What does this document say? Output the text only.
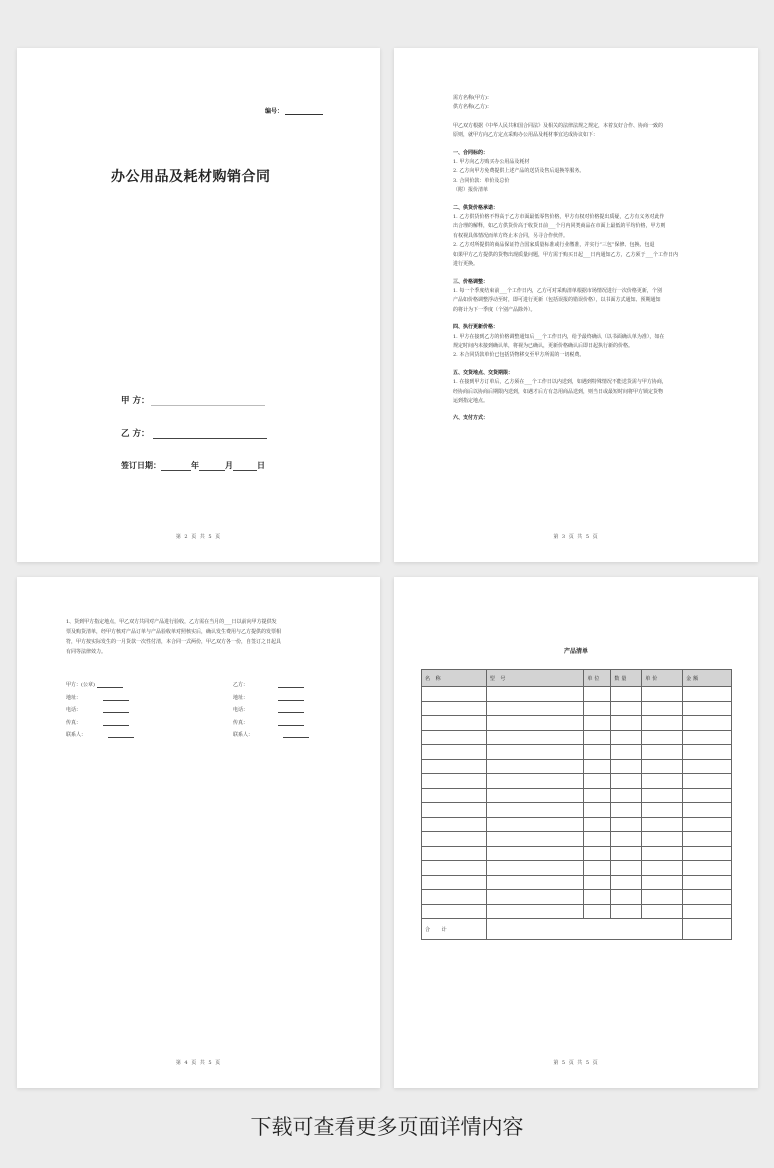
编号：
办公用品及耗材购销合同
甲 方：
乙 方：
签订日期：	年	月	日
第 2 页 共 5 页
需方名称(甲方)：
供方名称(乙方)：
甲乙双方根据《中华人民共和国合同法》及相关的法律法规之规定，本着友好合作、协商一致的
原则，就甲方向乙方定点采购办公用品及耗材事宜达成协议如下：
一、合同标的：
1. 甲方向乙方购买办公用品及耗材
2. 乙方向甲方免费提供上述产品的送货及售后退换等服务。
3. 合同价款：单价及总价
（附）报价清单
二、供货价格承诺：
1. 乙方供货价格不得高于乙方市面最低零售价格，甲方有权对价格提出质疑，乙方有义务对此作
出合理的解释，如乙方供货价高于收货日前___个月内同类商品在市面上最低的平均价格，甲方则
有权视具体情况而单方终止本合同，另寻合作伙伴。
2. 乙方对所提供的商品保证符合国家质量标准或行业缴准，并实行“三包”保修、包换、包退
如果甲方乙方提供的货物出现质量问题，甲方需于购买日起___日内通知乙方，乙方须于___个工作日内
进行更换。
三、价格调整：
1. 每一个季度结束前___个工作日内，乙方可对采购清单根据市场情况进行一次价格更新，个别
产品如价格调整浮动至时，即可进行更新（包括误报的错误价格），以书面方式通知、预期通知
的将计为下一季度（个别产品除外）。
四、执行更新价格：
1. 甲方在接到乙方的价格调整通知后___个工作日内，给予最终确认（以书面确认单为准），如在
规定时间内未接到确认单，将视为已确认，更新价格确认后即日起执行新的价格。
2. 本合同货款单价已包括货物移交至甲方所需的一切税费。
五、交货地点、交货期限：
1. 在接到甲方订单后，乙方须在___个工作日以内送到，如遇到特殊情况不能送货需与甲方协商，
经协商后以协商后期限内送到，如遇才后方有急用商品送到，则当日或最短时间将甲方锁定货物
运到指定地点。
六、支付方式：
第 3 页 共 5 页
1、货到甲方指定地点，甲乙双方共同对产品进行验收，乙方需在当月的___日以前向甲方提供发
票及购货清单，经甲方核对产品订单与产品验收单对照核实后，确认发生费用与乙方提供的发票相
符，甲方按实际发生的一月货款一次性付清，本合同一式两份，甲乙双方各一份，自签订之日起具
有同等法律效力。
甲方：(公章)
地址：
电话：
传真：
联系人：
乙方：
地址：
电话：
传真：
联系人：
第 4 页 共 5 页
产品清单
名 称	型 号	单位	数量	单价	金额

合 计					
第 5 页 共 5 页
下载可查看更多页面详情内容
